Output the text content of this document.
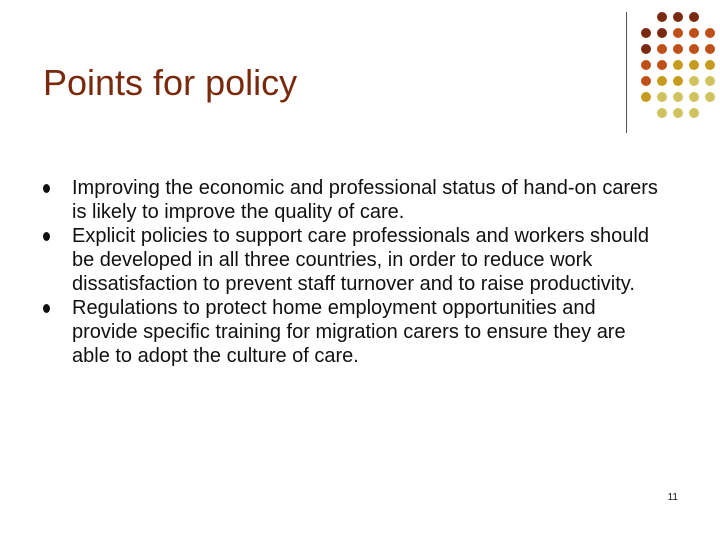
Points for policy
Improving the economic and professional status of hand-on carers is likely to improve the quality of care.
Explicit policies to support care professionals and workers should be developed in all three countries, in order to reduce work dissatisfaction to prevent staff turnover and to raise productivity.
Regulations to protect home employment opportunities and provide specific training for migration carers to ensure they are able to adopt the culture of care.
11
